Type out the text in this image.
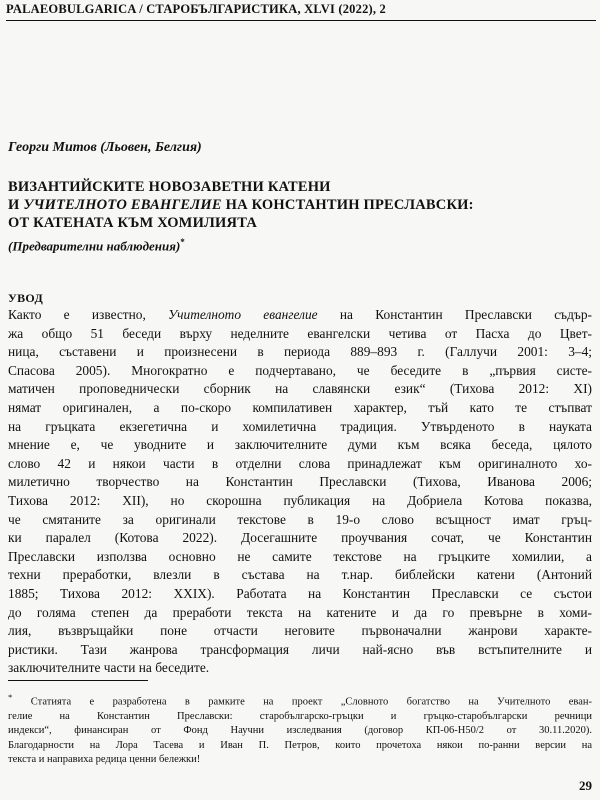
PALAEOBULGARICA / СТАРОБЪЛГАРИСТИКА, XLVI (2022), 2
Георги Митов (Льовен, Белгия)
ВИЗАНТИЙСКИТЕ НОВОЗАВЕТНИ КАТЕНИ
И УЧИТЕЛНОТО ЕВАНГЕЛИЕ НА КОНСТАНТИН ПРЕСЛАВСКИ:
ОТ КАТЕНАТА КЪМ ХОМИЛИЯТА
(Предварителни наблюдения)*
УВОД
Както е известно, Учителното евангелие на Константин Преславски съдър-
жа общо 51 беседи върху неделните евангелски четива от Пасха до Цвет-
ница, съставени и произнесени в периода 889–893 г. (Галлучи 2001: 3–4;
Спасова 2005). Многократно е подчертавано, че беседите в „първия систе-
матичен проповеднически сборник на славянски език“ (Тихова 2012: XI)
нямат оригинален, а по-скоро компилативен характер, тъй като те стъпват
на гръцката екзегетична и хомилетична традиция. Утвърденото в науката
мнение е, че уводните и заключителните думи към всяка беседа, цялото
слово 42 и някои части в отделни слова принадлежат към оригиналното хо-
милетично творчество на Константин Преславски (Тихова, Иванова 2006;
Тихова 2012: XII), но скорошна публикация на Добриела Котова показва,
че смятаните за оригинали текстове в 19-о слово всъщност имат гръц-
ки паралел (Котова 2022). Досегашните проучвания сочат, че Константин
Преславски използва основно не самите текстове на гръцките хомилии, а
техни преработки, влезли в състава на т.нар. библейски катени (Антоний
1885; Тихова 2012: XXIX). Работата на Константин Преславски се състои
до голяма степен да преработи текста на катените и да го превърне в хоми-
лия, възвръщайки поне отчасти неговите първоначални жанрови характе-
ристики. Тази жанрова трансформация личи най-ясно във встъпителните и
заключителните части на беседите.
* Статията е разработена в рамките на проект „Словното богатство на Учителното еван-
гелие на Константин Преславски: старобългарско-гръцки и гръцко-старобългарски речници
индекси“, финансиран от Фонд Научни изследвания (договор КП-06-Н50/2 от 30.11.2020).
Благодарности на Лора Тасева и Иван П. Петров, които прочетоха някои по-ранни версии на
текста и направиха редица ценни бележки!
29
